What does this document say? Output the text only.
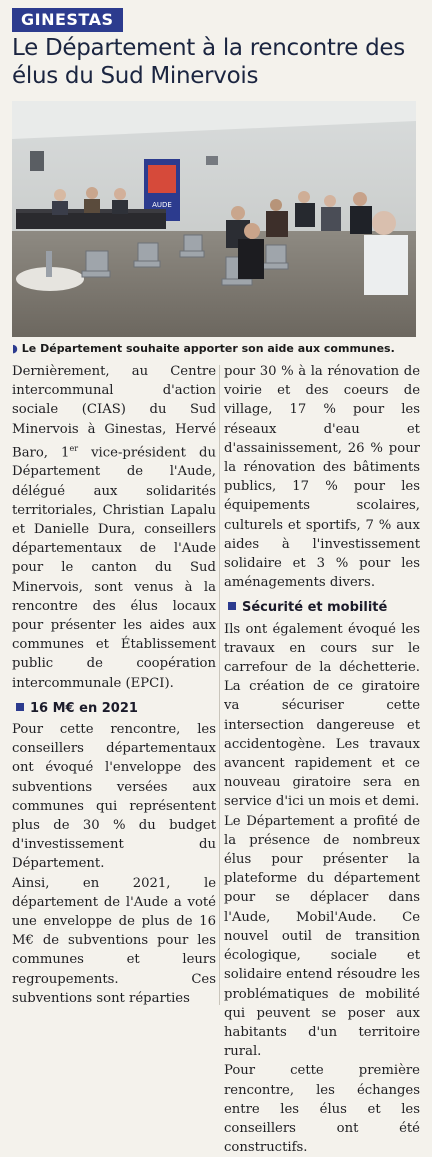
GINESTAS
Le Département à la rencontre des élus du Sud Minervois
AUDE
◗ Le Département souhaite apporter son aide aux communes.

Dernièrement, au Centre intercommunal d'action sociale (CIAS) du Sud Minervois à Ginestas, Hervé Baro, 1er vice-président du Département de l'Aude, délégué aux solidarités territoriales, Christian Lapalu et Danielle Dura, conseillers départementaux de l'Aude pour le canton du Sud Minervois, sont venus à la rencontre des élus locaux pour présenter les aides aux communes et Établissement public de coopération intercommunale (EPCI).

16 M€ en 2021

Pour cette rencontre, les conseillers départementaux ont évoqué l'enveloppe des subventions versées aux communes qui représentent plus de 30 % du budget d'investissement du Département.

Ainsi, en 2021, le département de l'Aude a voté une enveloppe de plus de 16 M€ de subventions pour les communes et leurs regroupements. Ces subventions sont réparties

pour 30 % à la rénovation de voirie et des coeurs de village, 17 % pour les réseaux d'eau et d'assainissement, 26 % pour la rénovation des bâtiments publics, 17 % pour les équipements scolaires, culturels et sportifs, 7 % aux aides à l'investissement solidaire et 3 % pour les aménagements divers.

Sécurité et mobilité

Ils ont également évoqué les travaux en cours sur le carrefour de la déchetterie. La création de ce giratoire va sécuriser cette intersection dangereuse et accidentogène. Les travaux avancent rapidement et ce nouveau giratoire sera en service d'ici un mois et demi.

Le Département a profité de la présence de nombreux élus pour présenter la plateforme du département pour se déplacer dans l'Aude, Mobil'Aude. Ce nouvel outil de transition écologique, sociale et solidaire entend résoudre les problématiques de mobilité qui peuvent se poser aux habitants d'un territoire rural.

Pour cette première rencontre, les échanges entre les élus et les conseillers ont été constructifs.
